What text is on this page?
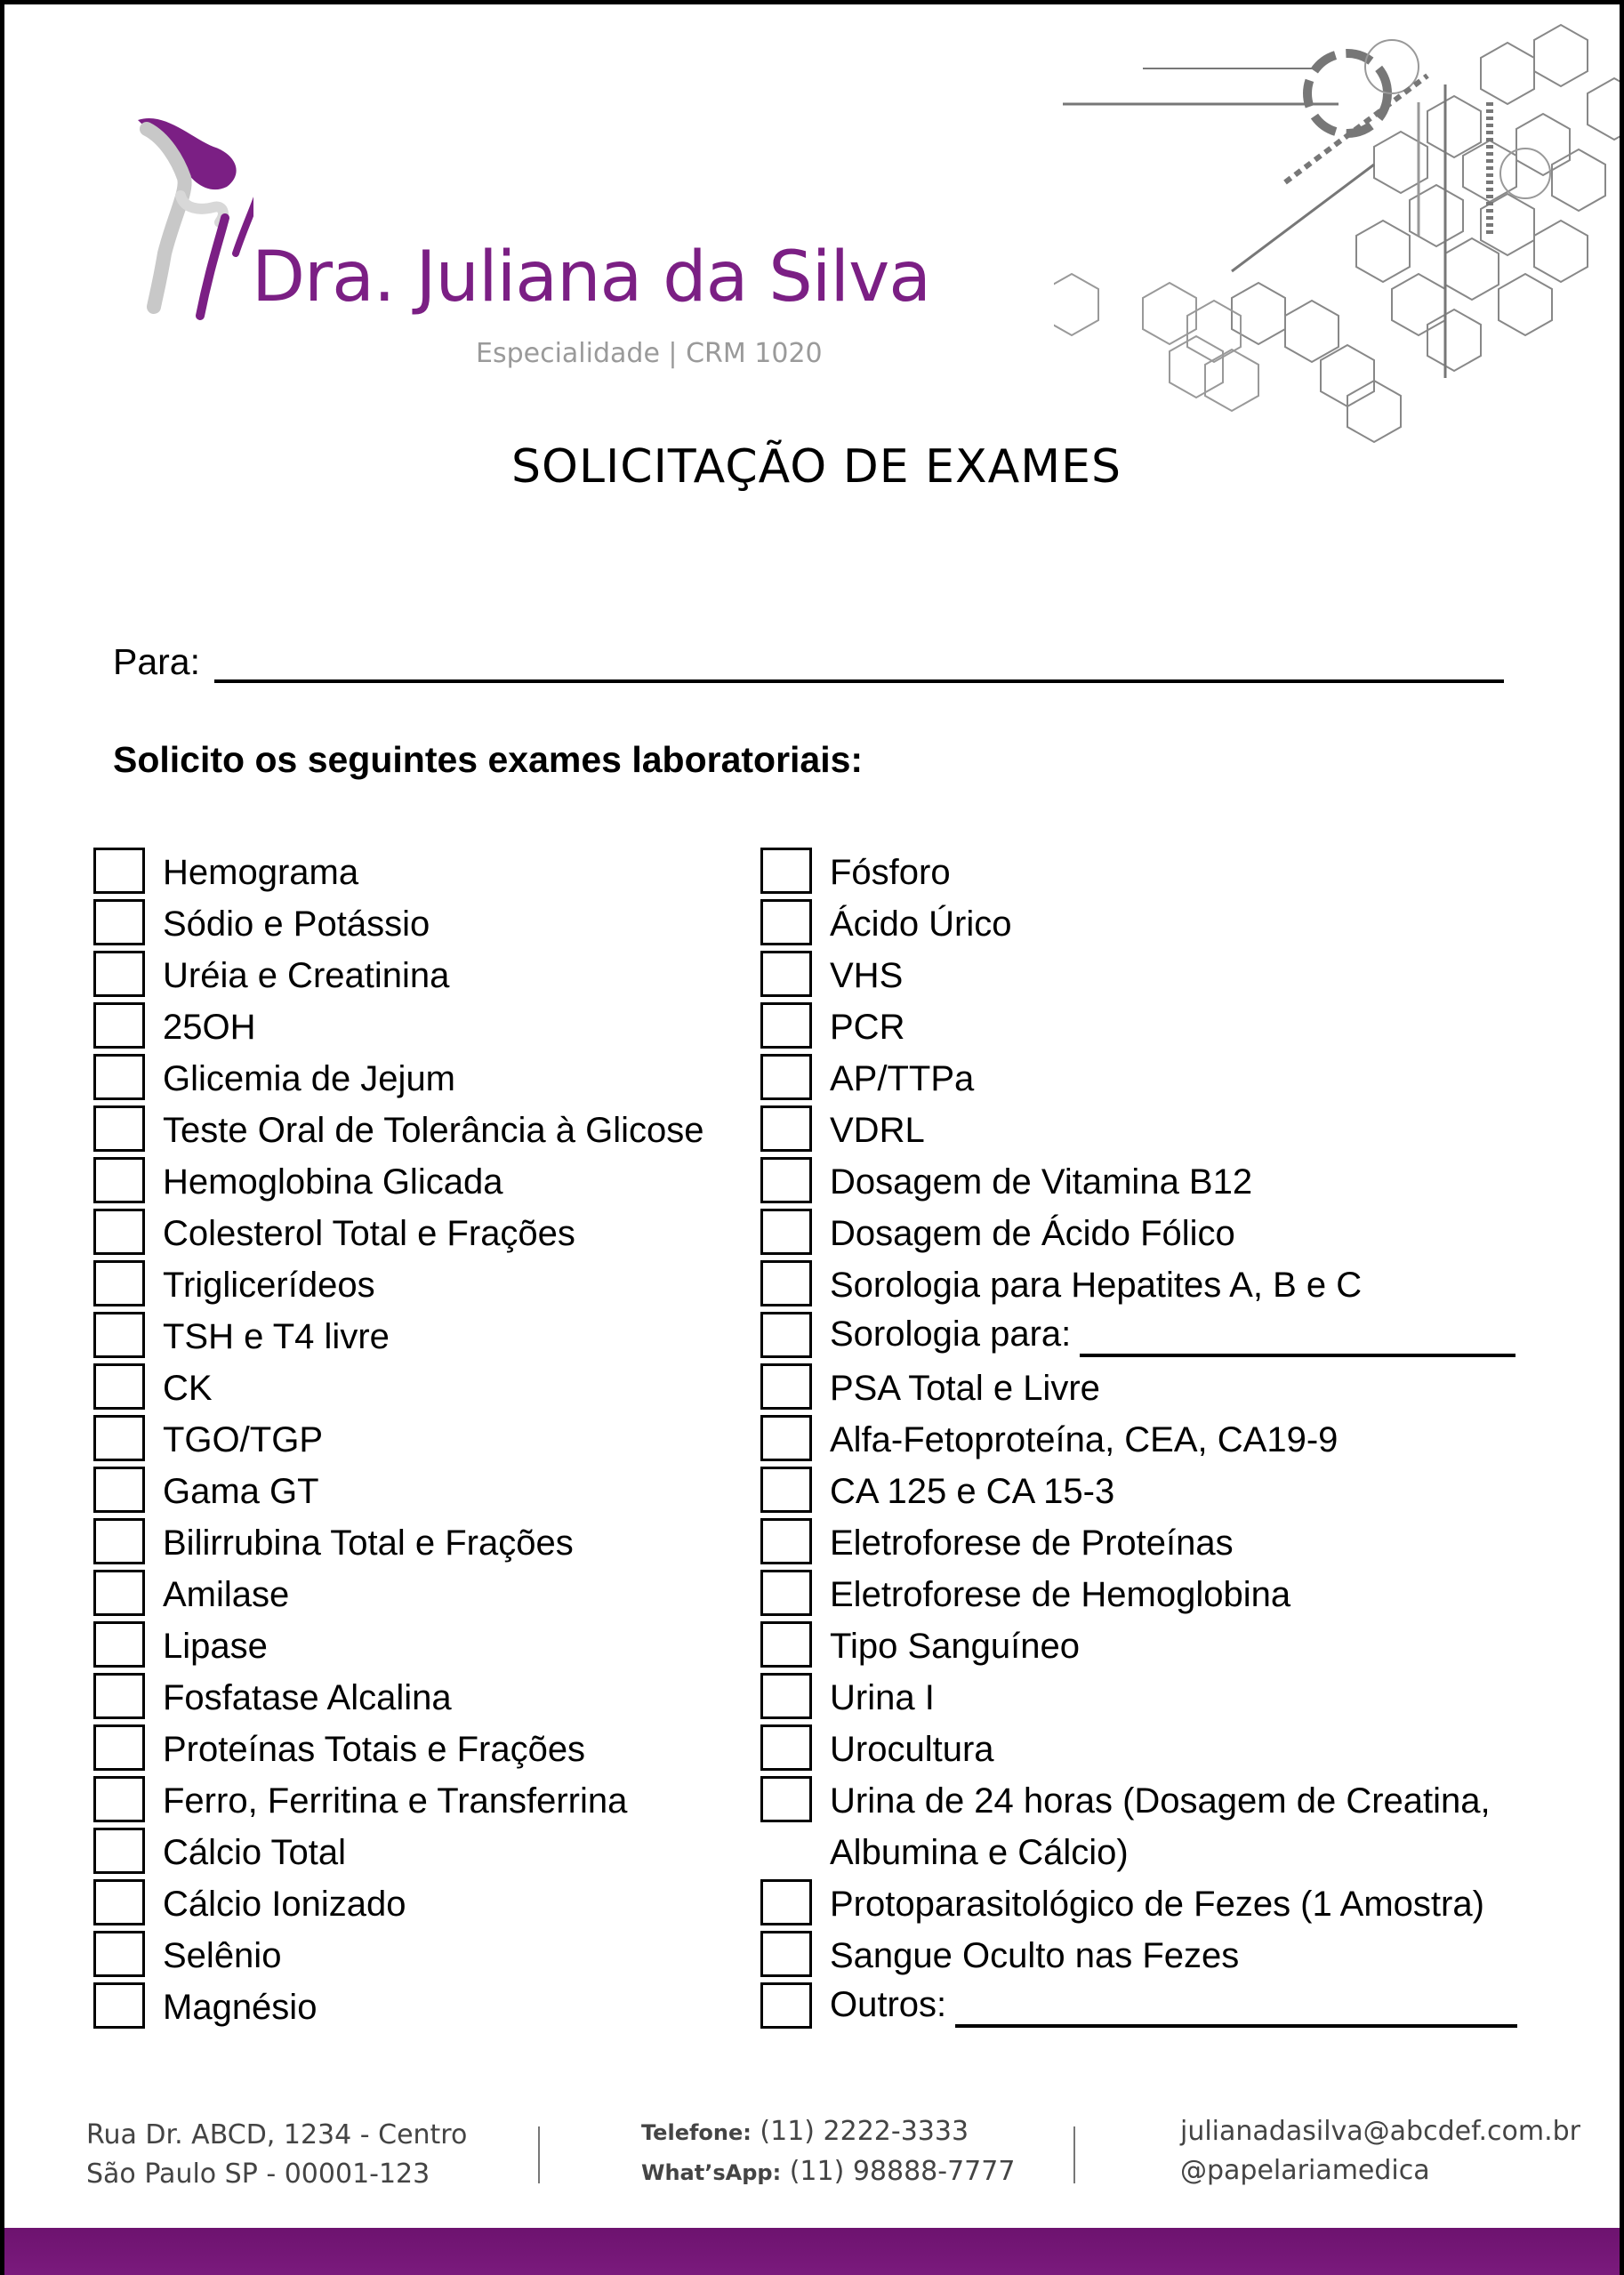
Dra. Juliana da Silva
Especialidade | CRM 1020
SOLICITAÇÃO DE EXAMES
Para:
Solicito os seguintes exames laboratoriais:
Hemograma
Sódio e Potássio
Uréia e Creatinina
25OH
Glicemia de Jejum
Teste Oral de Tolerância à Glicose
Hemoglobina Glicada
Colesterol Total e Frações
Triglicerídeos
TSH e T4 livre
CK
TGO/TGP
Gama GT
Bilirrubina Total e Frações
Amilase
Lipase
Fosfatase Alcalina
Proteínas Totais e Frações
Ferro, Ferritina e Transferrina
Cálcio Total
Cálcio Ionizado
Selênio
Magnésio
Fósforo
Ácido Úrico
VHS
PCR
AP/TTPa
VDRL
Dosagem de Vitamina B12
Dosagem de Ácido Fólico
Sorologia para Hepatites A, B e C
Sorologia para:
PSA Total e Livre
Alfa-Fetoproteína, CEA, CA19-9
CA 125 e CA 15-3
Eletroforese de Proteínas
Eletroforese de Hemoglobina
Tipo Sanguíneo
Urina I
Urocultura
Urina de 24 horas (Dosagem de Creatina, Albumina e Cálcio)
Protoparasitológico de Fezes (1 Amostra)
Sangue Oculto nas Fezes
Outros:
Rua Dr. ABCD, 1234 - Centro
São Paulo SP - 00001-123
Telefone: (11) 2222-3333
What’sApp: (11) 98888-7777
julianadasilva@abcdef.com.br
@papelariamedica
